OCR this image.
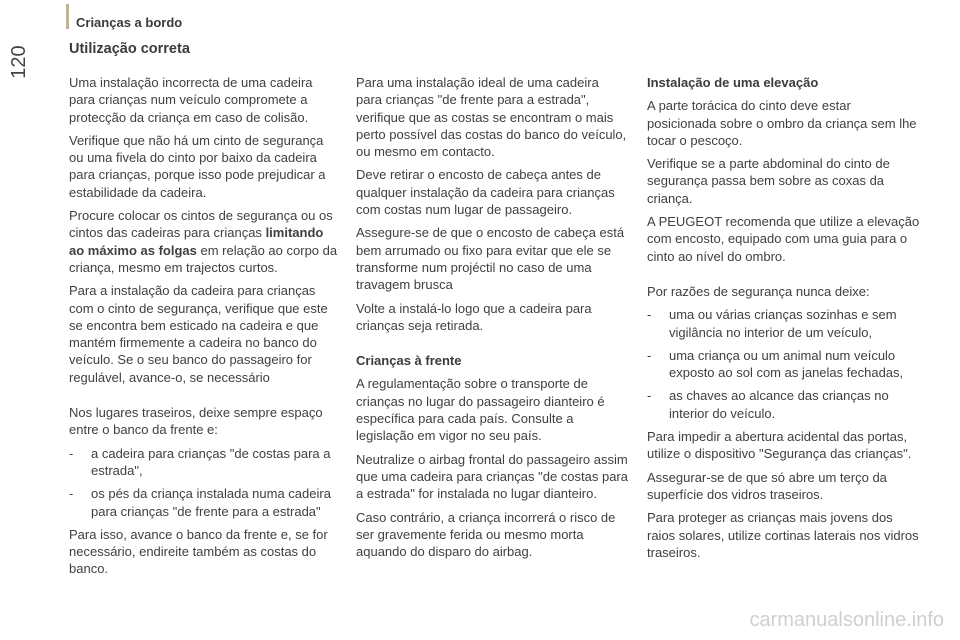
Crianças a bordo
120	Utilização correta

Uma instalação incorrecta de uma cadeira para crianças num veículo compromete a protecção da criança em caso de colisão.

Verifique que não há um cinto de segurança ou uma fivela do cinto por baixo da cadeira para crianças, porque isso pode prejudicar a estabilidade da cadeira.

Procure colocar os cintos de segurança ou os cintos das cadeiras para crianças limitando ao máximo as folgas em relação ao corpo da criança, mesmo em trajectos curtos.

Para a instalação da cadeira para crianças com o cinto de segurança, verifique que este se encontra bem esticado na cadeira e que mantém firmemente a cadeira no banco do veículo. Se o seu banco do passageiro for regulável, avance-o, se necessário

Nos lugares traseiros, deixe sempre espaço entre o banco da frente e:

- a cadeira para crianças "de costas para a estrada",
- os pés da criança instalada numa cadeira para crianças "de frente para a estrada"

Para isso, avance o banco da frente e, se for necessário, endireite também as costas do banco.

Para uma instalação ideal de uma cadeira para crianças "de frente para a estrada", verifique que as costas se encontram o mais perto possível das costas do banco do veículo, ou mesmo em contacto.

Deve retirar o encosto de cabeça antes de qualquer instalação da cadeira para crianças com costas num lugar de passageiro.

Assegure-se de que o encosto de cabeça está bem arrumado ou fixo para evitar que ele se transforme num projéctil no caso de uma travagem brusca

Volte a instalá-lo logo que a cadeira para crianças seja retirada.

Crianças à frente

A regulamentação sobre o transporte de crianças no lugar do passageiro dianteiro é específica para cada país. Consulte a legislação em vigor no seu país.

Neutralize o airbag frontal do passageiro assim que uma cadeira para crianças "de costas para a estrada" for instalada no lugar dianteiro.

Caso contrário, a criança incorrerá o risco de ser gravemente ferida ou mesmo morta aquando do disparo do airbag.

Instalação de uma elevação

A parte torácica do cinto deve estar posicionada sobre o ombro da criança sem lhe tocar o pescoço.

Verifique se a parte abdominal do cinto de segurança passa bem sobre as coxas da criança.

A PEUGEOT recomenda que utilize a elevação com encosto, equipado com uma guia para o cinto ao nível do ombro.

Por razões de segurança nunca deixe:

- uma ou várias crianças sozinhas e sem vigilância no interior de um veículo,
- uma criança ou um animal num veículo exposto ao sol com as janelas fechadas,
- as chaves ao alcance das crianças no interior do veículo.

Para impedir a abertura acidental das portas, utilize o dispositivo "Segurança das crianças".

Assegurar-se de que só abre um terço da superfície dos vidros traseiros.

Para proteger as crianças mais jovens dos raios solares, utilize cortinas laterais nos vidros traseiros.

carmanualsonline.info
